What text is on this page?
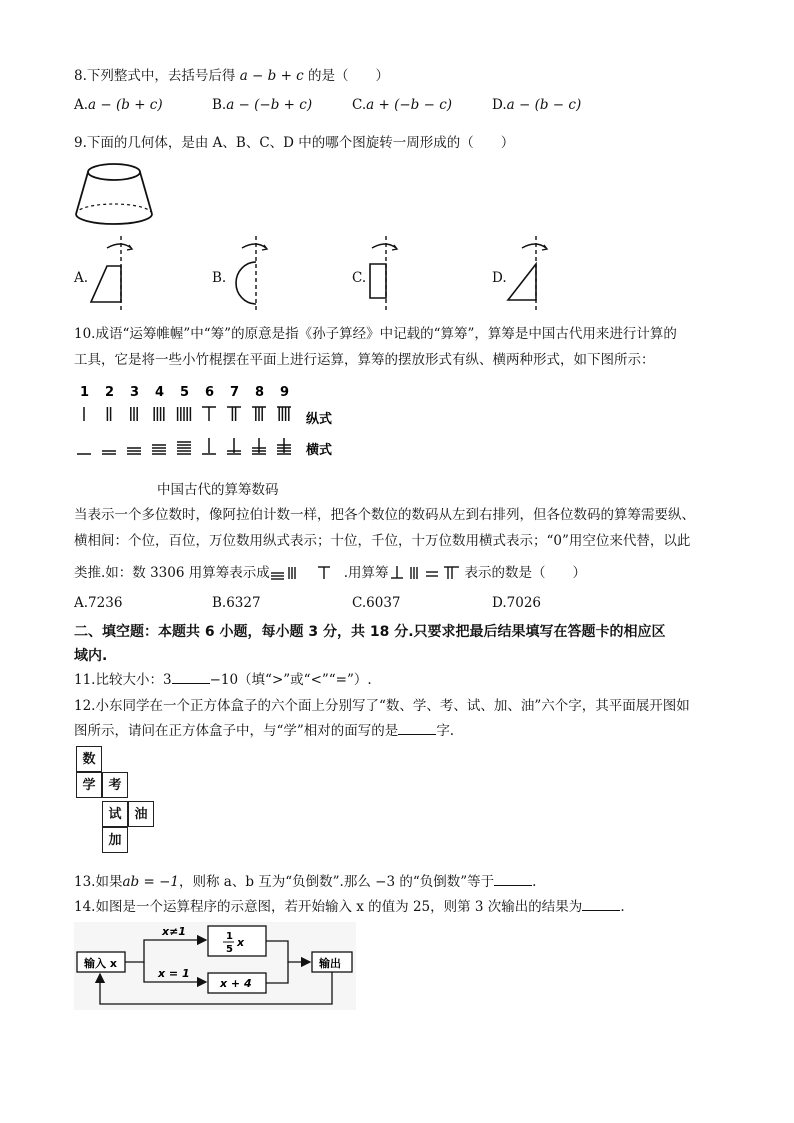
8.下列整式中，去括号后得 a − b + c 的是（　　）
A.a − (b + c)	B.a − (−b + c)	C.a + (−b − c)	D.a − (b − c)
9.下面的几何体，是由 A、B、C、D 中的哪个图旋转一周形成的（　　）
A.	B.	C.	D.
10.成语“运筹帷幄”中“筹”的原意是指《孙子算经》中记载的“算筹”，算筹是中国古代用来进行计算的
工具，它是将一些小竹棍摆在平面上进行运算，算筹的摆放形式有纵、横两种形式，如下图所示：
1 2 3 4 5 6 7 8 9
纵式
横式
中国古代的算筹数码
当表示一个多位数时，像阿拉伯计数一样，把各个数位的数码从左到右排列，但各位数码的算筹需要纵、
横相间：个位，百位，万位数用纵式表示；十位，千位，十万位数用横式表示；“0”用空位来代替，以此
类推.如：数 3306 用算筹表示成	.用算筹	表示的数是（　　）
A.7236	B.6327	C.6037	D.7026
二、填空题：本题共 6 小题，每小题 3 分，共 18 分.只要求把最后结果填写在答题卡的相应区
域内.
11.比较大小：3	−10（填“>”或“<”“=”）.
12.小东同学在一个正方体盒子的六个面上分别写了“数、学、考、试、加、油”六个字，其平面展开图如
图所示，请问在正方体盒子中，与“学”相对的面写的是	字.
数
学 考
试 油
加
13.如果ab = −1，则称 a、b 互为“负倒数”.那么 −3 的“负倒数”等于	.
14.如图是一个运算程序的示意图，若开始输入 x 的值为 25，则第 3 次输出的结果为	.
输入 x
x≠1
x = 1
1
5
x
x + 4
输出
